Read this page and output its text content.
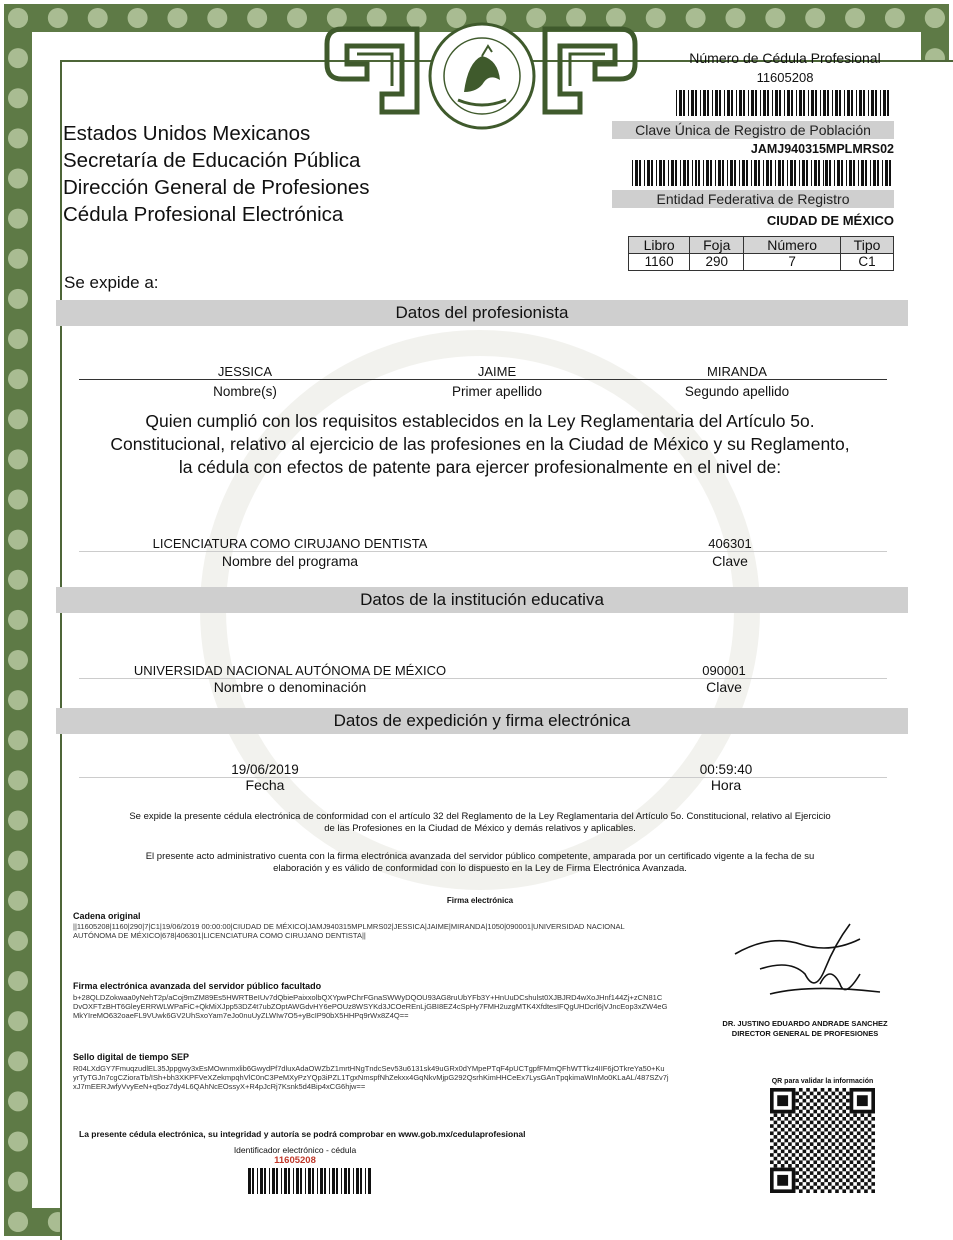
Estados Unidos Mexicanos
Secretaría de Educación Pública
Dirección General de Profesiones
Cédula Profesional Electrónica
Número de Cédula Profesional
11605208
Clave Única de Registro de Población
JAMJ940315MPLMRS02
Entidad Federativa de Registro
CIUDAD DE MÉXICO
Libro	Foja	Número	Tipo
1160	290	7	C1
Se expide a:
Datos del profesionista
JESSICA	JAIME	MIRANDA
Nombre(s)	Primer apellido	Segundo apellido
Quien cumplió con los requisitos establecidos en la Ley Reglamentaria del Artículo 5o.
Constitucional, relativo al ejercicio de las profesiones en la Ciudad de México y su Reglamento,
la cédula con efectos de patente para ejercer profesionalmente en el nivel de:
LICENCIATURA COMO CIRUJANO DENTISTA	406301
Nombre del programa	Clave
Datos de la institución educativa
UNIVERSIDAD NACIONAL AUTÓNOMA DE MÉXICO	090001
Nombre o denominación	Clave
Datos de expedición y firma electrónica
19/06/2019	00:59:40
Fecha	Hora
Se expide la presente cédula electrónica de conformidad con el artículo 32 del Reglamento de la Ley Reglamentaria del Artículo 5o. Constitucional, relativo al Ejercicio
de las Profesiones en la Ciudad de México y demás relativos y aplicables.
El presente acto administrativo cuenta con la firma electrónica avanzada del servidor público competente, amparada por un certificado vigente a la fecha de su
elaboración y es válido de conformidad con lo dispuesto en la Ley de Firma Electrónica Avanzada.
Firma electrónica
Cadena original
||11605208|1160|290|7|C1|19/06/2019 00:00:00|CIUDAD DE MÉXICO|JAMJ940315MPLMRS02|JESSICA|JAIME|MIRANDA|1050|090001|UNIVERSIDAD NACIONAL
AUTÓNOMA DE MÉXICO|678|406301|LICENCIATURA COMO CIRUJANO DENTISTA||
Firma electrónica avanzada del servidor público facultado
b+28QLDZokwaa0yNehT2p/aCoj9mZM89Es5HWRTBeIUv7dQbiePaixxolbQXYpwPChrFGnaSWWyDQOU93AG8ruUbYFb3Y+HnUuDCshulst0XJBJRD4wXoJHnf144Zj+zCN81C
DvOXFTzBHT6GleyERRWLWPaFiC+QkMiXJpp53DZ4t7ubZOptAWGdvHY6ePOUz8WSYKd3JCOeREnLjGBI8EZ4cSpHy7FMH2uzgMTK4XfdtesIFQgUHDcrl6jVJncEop3xZW4eG
MkYIreMO632oaeFL9VUwk6GV2UhSxoYam7eJo0nuUyZLWIw7O5+yBcIP90bX5HHPq9rWx8Z4Q==
Sello digital de tiempo SEP
R04LXdGY7FmuqzudlEL35Jppgwy3xEsMOwnmxlib6GwydPf7dluxAdaOWZbZ1mrtHNgTndcSev53u6131sk49uGRx0dYMpePTqF4pUCTgpfFMmQFhWTTkz4IIF6jOTkreYa50+Ku
yrTyTGJn7cgCZioraTb/ISh+bh3XKPFVeXZekmpqhVlC0nC3PeMXyPzYQp3iPZL1TgxNmspfNhZekxx4GqNkvMjpG292QsrhKimHHCeEx7LysGAnTpqkimaWInMo0KLaAL/487SZv7j
xJ7mEERJwfyVvyEeN+q5oz7dy4L6QAhNcEOssyX+R4pJcRj7Ksnk5d4Bip4xCG6hjw==
DR. JUSTINO EDUARDO ANDRADE SANCHEZ
DIRECTOR GENERAL DE PROFESIONES
QR para validar la información
La presente cédula electrónica, su integridad y autoría se podrá comprobar en www.gob.mx/cedulaprofesional
Identificador electrónico - cédula
11605208
